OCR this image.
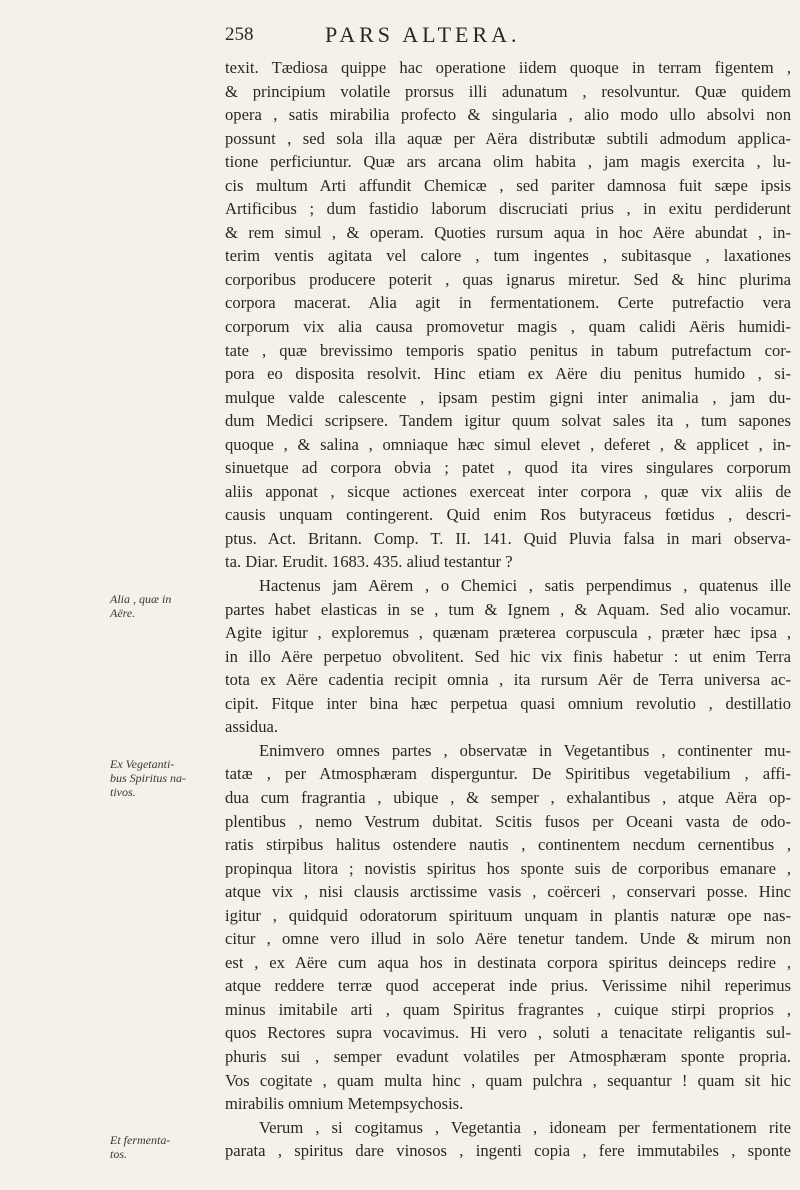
258	PARS ALTERA.
Alia , quæ in
Aëre.
Ex Vegetanti-
bus Spiritus na-
tivos.
Et fermenta-
tos.
texit. Tædiosa quippe hac operatione iidem quoque in terram figentem ,
& principium volatile prorsus illi adunatum , resolvuntur. Quæ quidem
opera , satis mirabilia profecto & singularia , alio modo ullo absolvi non
possunt , sed sola illa aquæ per Aëra distributæ subtili admodum applica-
tione perficiuntur. Quæ ars arcana olim habita , jam magis exercita , lu-
cis multum Arti affundit Chemicæ , sed pariter damnosa fuit sæpe ipsis
Artificibus ; dum fastidio laborum discruciati prius , in exitu perdiderunt
& rem simul , & operam. Quoties rursum aqua in hoc Aëre abundat , in-
terim ventis agitata vel calore , tum ingentes , subitasque , laxationes
corporibus producere poterit , quas ignarus miretur. Sed & hinc plurima
corpora macerat. Alia agit in fermentationem. Certe putrefactio vera
corporum vix alia causa promovetur magis , quam calidi Aëris humidi-
tate , quæ brevissimo temporis spatio penitus in tabum putrefactum cor-
pora eo dispositа resolvit. Hinc etiam ex Aëre diu penitus humido , si-
mulque valde calescente , ipsam pestim gigni inter animalia , jam du-
dum Medici scripsere. Tandem igitur quum solvat sales ita , tum sapones
quoque , & salina , omniaque hæc simul elevet , deferet , & applicet , in-
sinuetque ad corpora obvia ; patet , quod ita vires singulares corporum
aliis apponat , sicque actiones exerceat inter corpora , quæ vix aliis de
causis unquam contingerent. Quid enim Ros butyraceus fœtidus , descri-
ptus. Act. Britann. Comp. T. II. 141. Quid Pluvia falsa in mari observa-
ta. Diar. Erudit. 1683. 435. aliud testantur ?
Hactenus jam Aërem , o Chemici , satis perpendimus , quatenus ille
partes habet elasticas in se , tum & Ignem , & Aquam. Sed alio vocamur.
Agite igitur , exploremus , quænam prætereа corpuscula , præter hæc ipsa ,
in illo Aëre perpetuo obvolitent. Sed hic vix finis habetur : ut enim Terra
tota ex Aëre cadentia recipit omnia , ita rursum Aër de Terra universa ac-
cipit. Fitque inter bina hæc perpetua quasi omnium revolutio , destillatio
assidua.
Enimvero omnes partes , observatæ in Vegetantibus , continenter mu-
tatæ , per Atmosphæram disperguntur. De Spiritibus vegetabilium , affi-
dua cum fragrantia , ubique , & semper , exhalantibus , atque Aëra op-
plentibus , nemo Vestrum dubitat. Scitis fusos per Oceani vasta de odo-
ratis stirpibus halitus ostendere nautis , continentem necdum cernentibus ,
propinqua litora ; novistis spiritus hos sponte suis de corporibus emanare ,
atque vix , nisi clausis arctissime vasis , coërceri , conservari posse. Hinc
igitur , quidquid odoratorum spirituum unquam in plantis naturæ ope nas-
citur , omne vero illud in solo Aëre tenetur tandem. Unde & mirum non
est , ex Aëre cum aqua hos in destinata corpora spiritus deinceps redire ,
atque reddere terræ quod acceperat inde prius. Verissime nihil reperimus
minus imitabile arti , quam Spiritus fragrantes , cuique stirpi proprios ,
quos Rectores supra vocavimus. Hi vero , soluti a tenacitate religantis sul-
phuris sui , semper evadunt volatiles per Atmosphæram sponte propria.
Vos cogitate , quam multa hinc , quam pulchra , sequantur ! quam sit hic
mirabilis omnium Metempsychosis.
Verum , si cogitamus , Vegetantia , idoneam per fermentationem rite
parata , spiritus dare vinosos , ingenti copia , fere immutabiles , sponte
